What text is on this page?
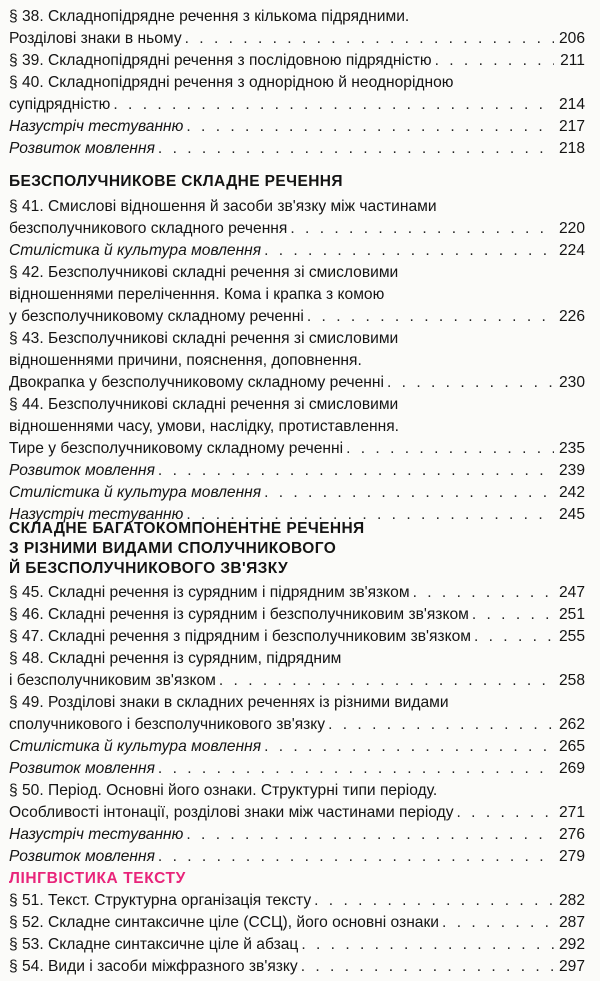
§ 38. Складнопідрядне речення з кількома підрядними.
Розділові знаки в ньому . . .	206
§ 39. Складнопідрядні речення з послідовною підрядністю . . .	211
§ 40. Складнопідрядні речення з однорідною й неоднорідною
супідрядністю . . .	214
Назустріч тестуванню . . .	217
Розвиток мовлення . . .	218
БЕЗСПОЛУЧНИКОВЕ СКЛАДНЕ РЕЧЕННЯ
§ 41. Смислові відношення й засоби зв'язку між частинами
безсполучникового складного речення . . .	220
Стилістика й культура мовлення . . .	224
§ 42. Безсполучникові складні речення зі смисловими
відношеннями переліченння. Кома і крапка з комою
у безсполучниковому складному реченні . . .	226
§ 43. Безсполучникові складні речення зі смисловими
відношеннями причини, пояснення, доповнення.
Двокрапка у безсполучниковому складному реченні . . .	230
§ 44. Безсполучникові складні речення зі смисловими
відношеннями часу, умови, наслідку, протиставлення.
Тире у безсполучниковому складному реченні . . .	235
Розвиток мовлення . . .	239
Стилістика й культура мовлення . . .	242
Назустріч тестуванню . . .	245
СКЛАДНЕ БАГАТОКОМПОНЕНТНЕ РЕЧЕННЯ
З РІЗНИМИ ВИДАМИ СПОЛУЧНИКОВОГО
Й БЕЗСПОЛУЧНИКОВОГО ЗВ'ЯЗКУ
§ 45. Складні речення із сурядним і підрядним зв'язком . . .	247
§ 46. Складні речення із сурядним і безсполучниковим зв'язком . . .	251
§ 47. Складні речення з підрядним і безсполучниковим зв'язком . . .	255
§ 48. Складні речення із сурядним, підрядним
і безсполучниковим зв'язком . . .	258
§ 49. Розділові знаки в складних реченнях із різними видами
сполучникового і безсполучникового зв'язку . . .	262
Стилістика й культура мовлення . . .	265
Розвиток мовлення . . .	269
§ 50. Період. Основні його ознаки. Структурні типи періоду.
Особливості інтонації, розділові знаки між частинами періоду . . .	271
Назустріч тестуванню . . .	276
Розвиток мовлення . . .	279
ЛІНГВІСТИКА ТЕКСТУ
§ 51. Текст. Структурна організація тексту . . .	282
§ 52. Складне синтаксичне ціле (ССЦ), його основні ознаки . . .	287
§ 53. Складне синтаксичне ціле й абзац . . .	292
§ 54. Види і засоби міжфразного зв'язку . . .	297
